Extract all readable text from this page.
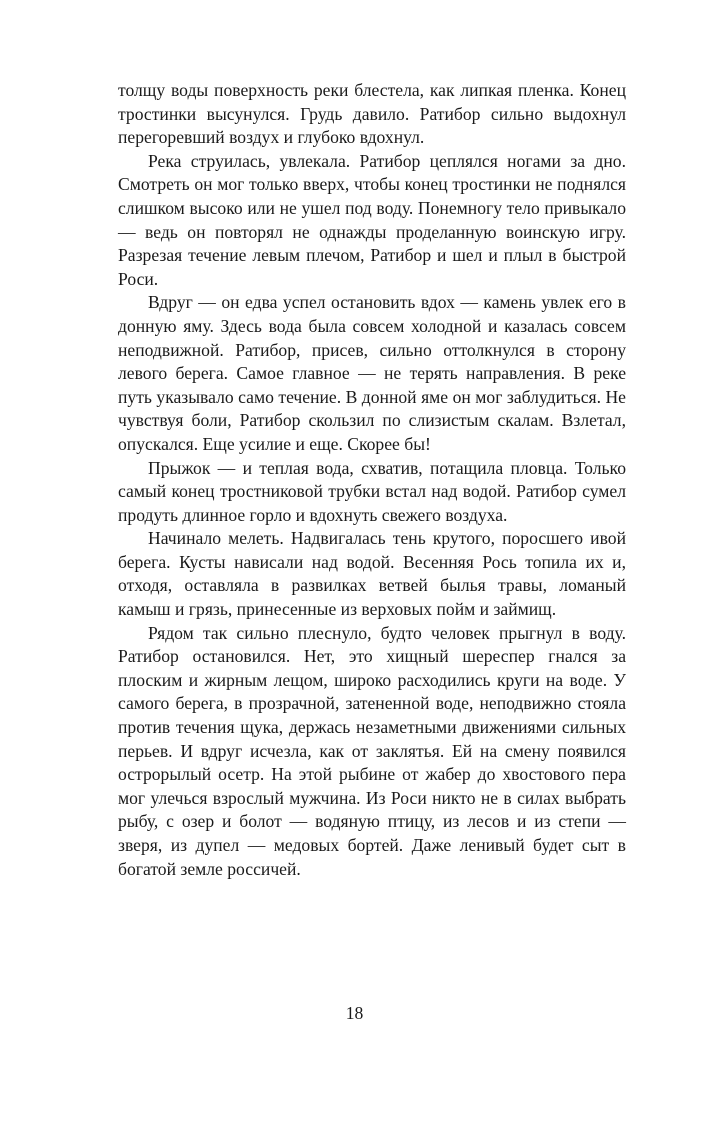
толщу воды поверхность реки блестела, как липкая пленка. Конец тростинки высунулся. Грудь давило. Ратибор сильно выдохнул перегоревший воздух и глубоко вдохнул.

Река струилась, увлекала. Ратибор цеплялся ногами за дно. Смотреть он мог только вверх, чтобы конец тростинки не поднялся слишком высоко или не ушел под воду. Понемногу тело привыкало — ведь он повторял не однажды проделанную воинскую игру. Разрезая течение левым плечом, Ратибор и шел и плыл в быстрой Роси.

Вдруг — он едва успел остановить вдох — камень увлек его в донную яму. Здесь вода была совсем холодной и казалась совсем неподвижной. Ратибор, присев, сильно оттолкнулся в сторону левого берега. Самое главное — не терять направления. В реке путь указывало само течение. В донной яме он мог заблудиться. Не чувствуя боли, Ратибор скользил по слизистым скалам. Взлетал, опускался. Еще усилие и еще. Скорее бы!

Прыжок — и теплая вода, схватив, потащила пловца. Только самый конец тростниковой трубки встал над водой. Ратибор сумел продуть длинное горло и вдохнуть свежего воздуха.

Начинало мелеть. Надвигалась тень крутого, поросшего ивой берега. Кусты нависали над водой. Весенняя Рось топила их и, отходя, оставляла в развилках ветвей былья травы, ломаный камыш и грязь, принесенные из верховых пойм и займищ.

Рядом так сильно плеснуло, будто человек прыгнул в воду. Ратибор остановился. Нет, это хищный шереспер гнался за плоским и жирным лещом, широко расходились круги на воде. У самого берега, в прозрачной, затененной воде, неподвижно стояла против течения щука, держась незаметными движениями сильных перьев. И вдруг исчезла, как от заклятья. Ей на смену появился острорылый осетр. На этой рыбине от жабер до хвостового пера мог улечься взрослый мужчина. Из Роси никто не в силах выбрать рыбу, с озер и болот — водяную птицу, из лесов и из степи — зверя, из дупел — медовых бортей. Даже ленивый будет сыт в богатой земле россичей.

18
